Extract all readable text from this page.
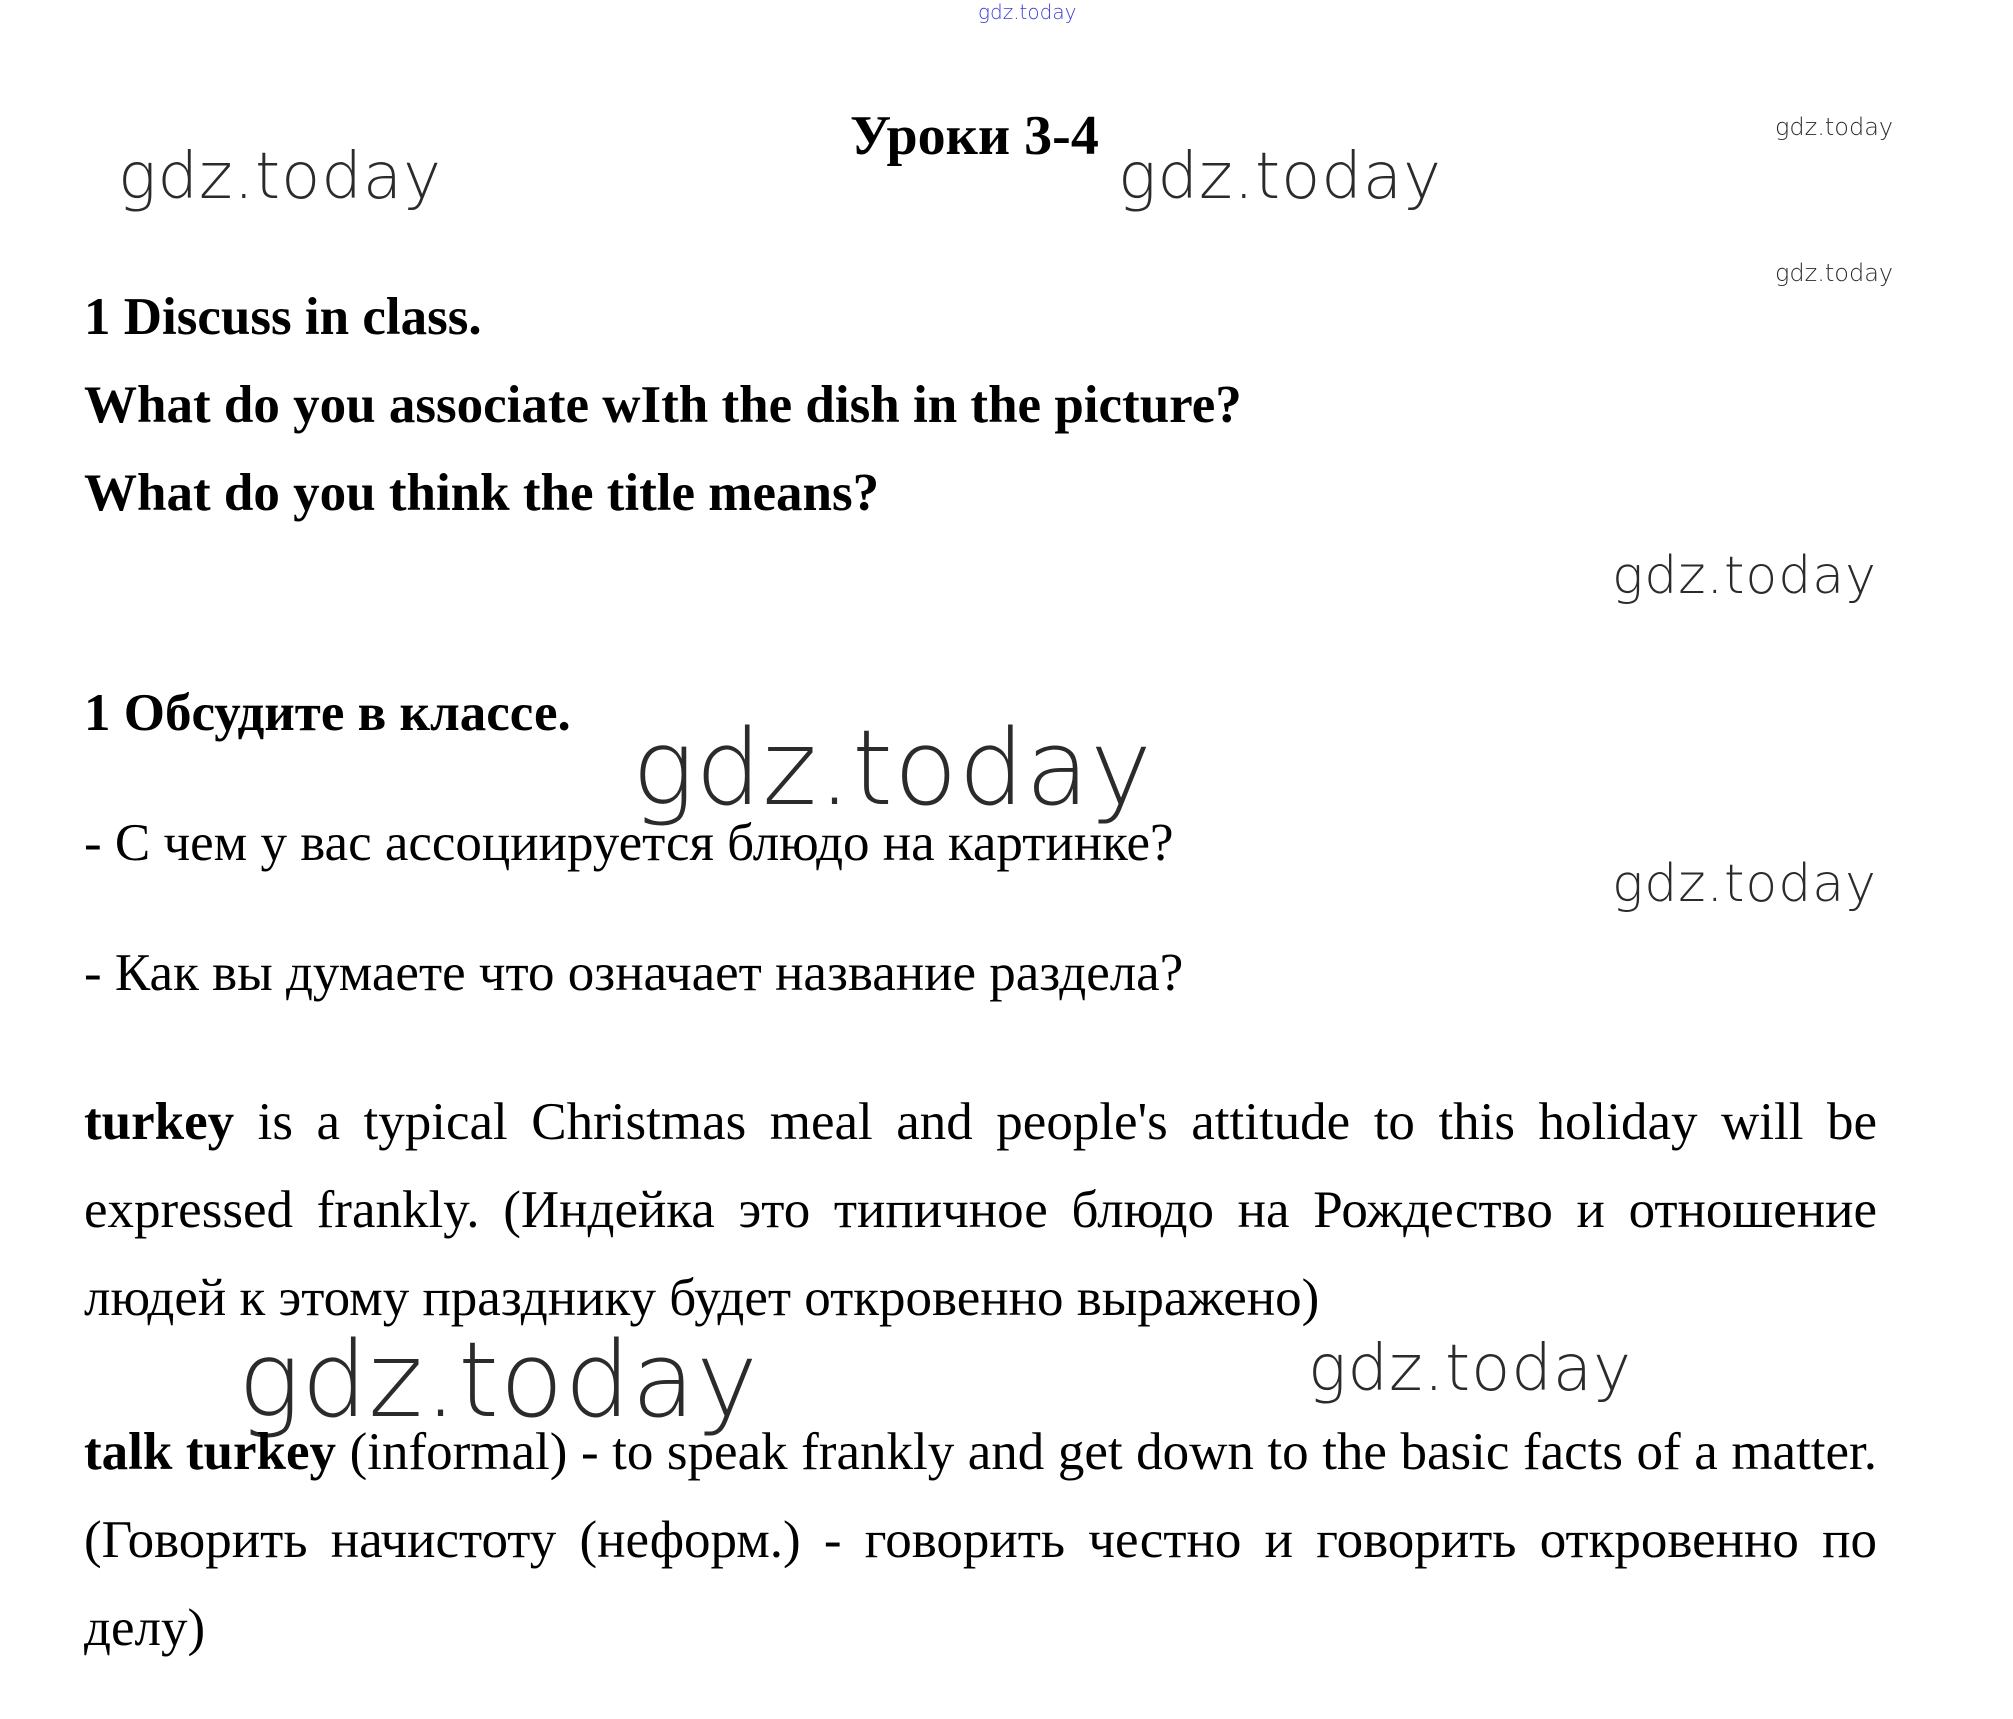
gdz.today
gdz.today
gdz.today
gdz.today	gdz.today
gdz.today
gdz.today
gdz.today
gdz.today	gdz.today
Уроки 3-4
1 Discuss in class.
What do you associate wIth the dish in the picture?
What do you think the title means?
1 Обсудите в классе.
- С чем у вас ассоциируется блюдо на картинке?
- Как вы думаете что означает название раздела?

turkey is a typical Christmas meal and people's attitude to this holiday will be expressed frankly. (Индейка это типичное блюдо на Рождество и отношение людей к этому празднику будет откровенно выражено)

talk turkey (informal) - to speak frankly and get down to the basic facts of a matter.(Говорить начистоту (неформ.) - говорить честно и говорить откровенно по делу)
